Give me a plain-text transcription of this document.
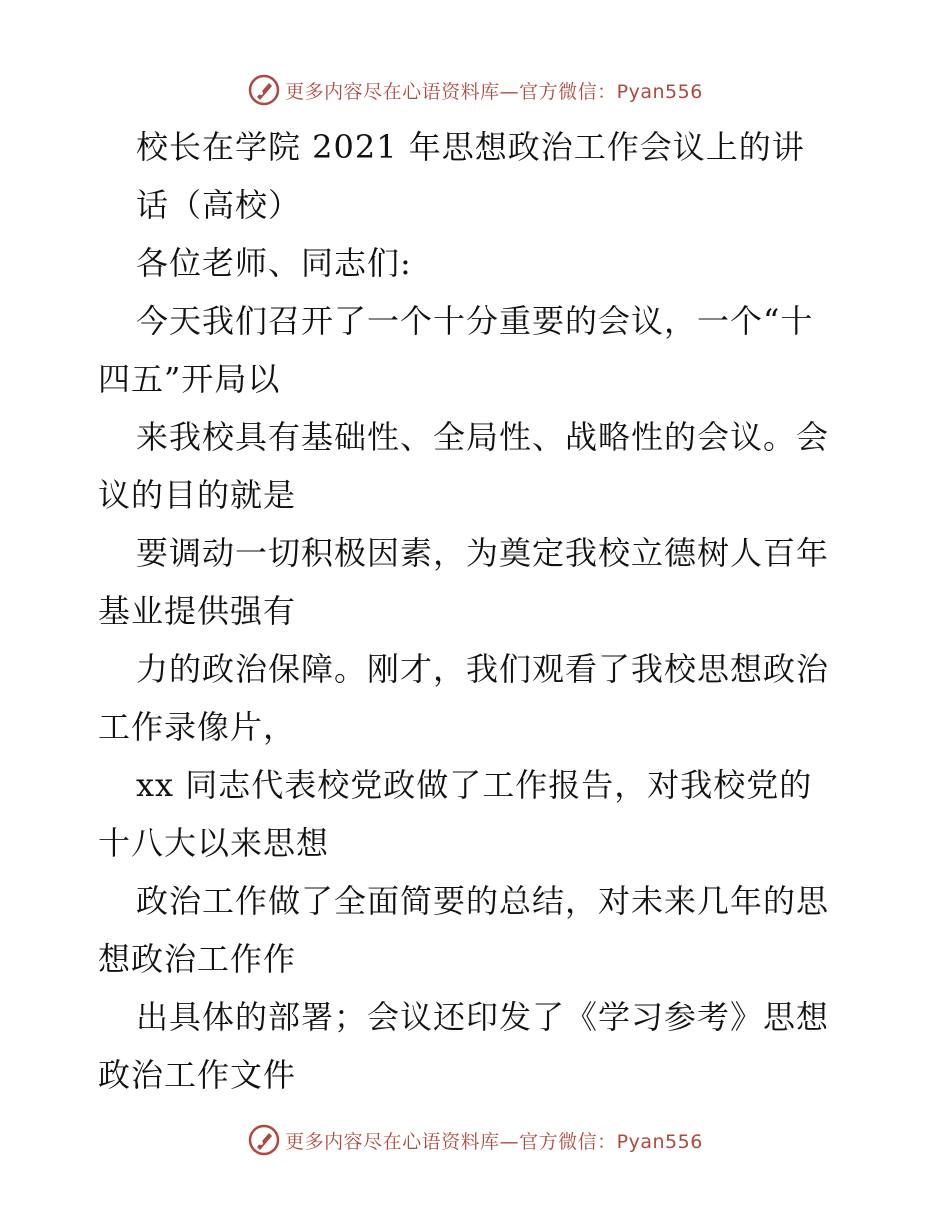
更多内容尽在心语资料库—官方微信：Pyan556
校长在学院 2021 年思想政治工作会议上的讲
话（高校）
各位老师、同志们:
今天我们召开了一个十分重要的会议，一个“十
四五”开局以
来我校具有基础性、全局性、战略性的会议。会
议的目的就是
要调动一切积极因素，为奠定我校立德树人百年
基业提供强有
力的政治保障。刚才，我们观看了我校思想政治
工作录像片，
xx 同志代表校党政做了工作报告，对我校党的
十八大以来思想
政治工作做了全面简要的总结，对未来几年的思
想政治工作作
出具体的部署；会议还印发了《学习参考》思想
政治工作文件
更多内容尽在心语资料库—官方微信：Pyan556
